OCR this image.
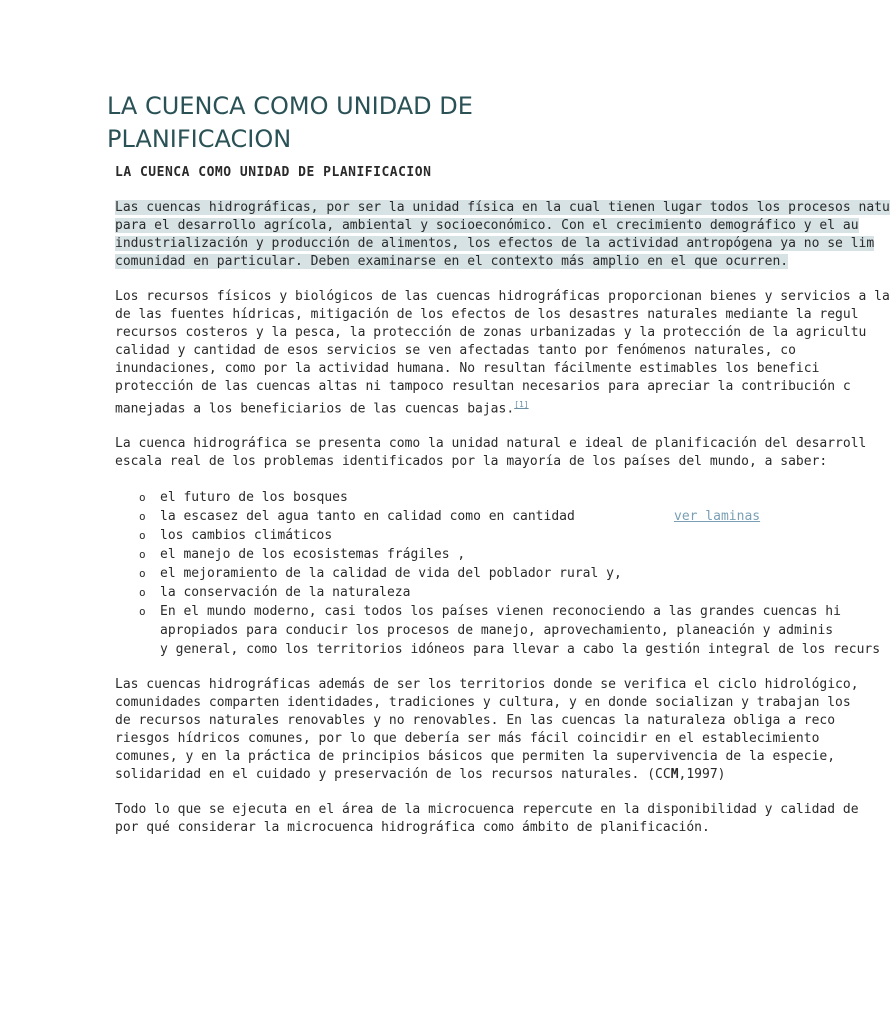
LA CUENCA COMO UNIDAD DE
PLANIFICACION

LA CUENCA COMO UNIDAD DE PLANIFICACION

Las cuencas hidrográficas, por ser la unidad física en la cual tienen lugar todos los procesos natu
para el desarrollo agrícola, ambiental y socioeconómico. Con el crecimiento demográfico y el au
industrialización y producción de alimentos, los efectos de la actividad antropógena ya no se lim
comunidad en particular. Deben examinarse en el contexto más amplio en el que ocurren.
Los recursos físicos y biológicos de las cuencas hidrográficas proporcionan bienes y servicios a la
de las fuentes hídricas, mitigación de los efectos de los desastres naturales mediante la regul
recursos costeros y la pesca, la protección de zonas urbanizadas y la protección de la agricultu
calidad y cantidad de esos servicios se ven afectadas tanto por fenómenos naturales, co
inundaciones, como por la actividad humana. No resultan fácilmente estimables los benefici
protección de las cuencas altas ni tampoco resultan necesarios para apreciar la contribución c
manejadas a los beneficiarios de las cuencas bajas.[1]
La cuenca hidrográfica se presenta como la unidad natural e ideal de planificación del desarroll
escala real de los problemas identificados por la mayoría de los países del mundo, a saber:
o el futuro de los bosques
o la escasez del agua tanto en calidad como en cantidad	ver laminas
o los cambios climáticos
o el manejo de los ecosistemas frágiles ,
o el mejoramiento de la calidad de vida del poblador rural y,
o la conservación de la naturaleza
o En el mundo moderno, casi todos los países vienen reconociendo a las grandes cuencas hi
apropiados para conducir los procesos de manejo, aprovechamiento, planeación y adminis
y general, como los territorios idóneos para llevar a cabo la gestión integral de los recurs
Las cuencas hidrográficas además de ser los territorios donde se verifica el ciclo hidrológico,
comunidades comparten identidades, tradiciones y cultura, y en donde socializan y trabajan los
de recursos naturales renovables y no renovables. En las cuencas la naturaleza obliga a reco
riesgos hídricos comunes, por lo que debería ser más fácil coincidir en el establecimiento
comunes, y en la práctica de principios básicos que permiten la supervivencia de la especie,
solidaridad en el cuidado y preservación de los recursos naturales. (CCM,1997)
Todo lo que se ejecuta en el área de la microcuenca repercute en la disponibilidad y calidad de
por qué considerar la microcuenca hidrográfica como ámbito de planificación.
